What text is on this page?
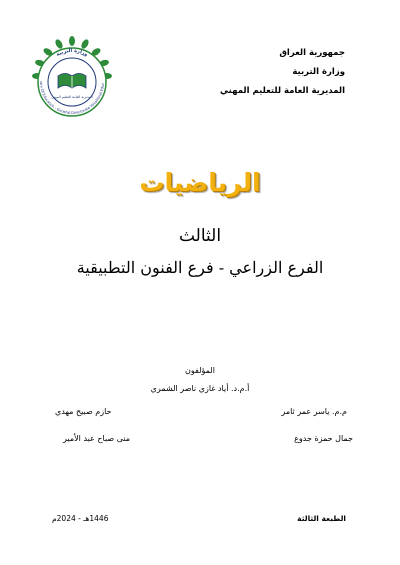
جمهورية العراق
وزارة التربية
المديرية العامة للتعليم المهني
وزارة التربية
stry Of Education - General Directorate Vocational Educ
المديرية العامة للتعليم المهني
الرياضيات
الثالث
الفرع الزراعي - فرع الفنون التطبيقية
المؤلفون
أ.م.د. أياد غازي ناصر الشمري
م.م. ياسر عمر ثامر
حازم صبيح مهدي
جمال حمزة جدوع
منى صباح عبد الأمير
الطبعة الثالثة
1446هـ - 2024م
